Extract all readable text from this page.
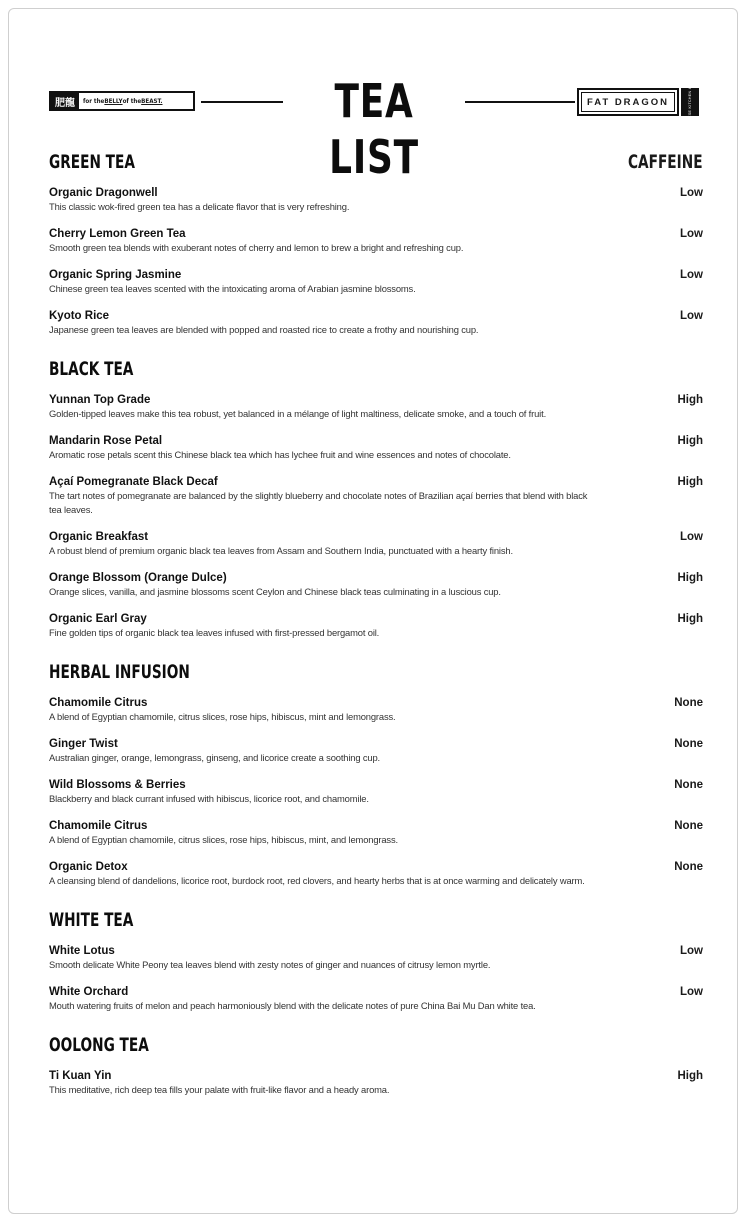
肥龍	for the BELLY of the BEAST.	TEA LIST
FAT DRAGON	CHINESE KITCHEN & BAR
GREEN TEA	CAFFEINE
Organic Dragonwell	Low
This classic wok-fired green tea has a delicate flavor that is very refreshing.
Cherry Lemon Green Tea	Low
Smooth green tea blends with exuberant notes of cherry and lemon to brew a bright and refreshing cup.
Organic Spring Jasmine	Low
Chinese green tea leaves scented with the intoxicating aroma of Arabian jasmine blossoms.
Kyoto Rice	Low
Japanese green tea leaves are blended with popped and roasted rice to create a frothy and nourishing cup.
BLACK TEA
Yunnan Top Grade	High
Golden-tipped leaves make this tea robust, yet balanced in a mélange of light maltiness, delicate smoke, and a touch of fruit.
Mandarin Rose Petal	High
Aromatic rose petals scent this Chinese black tea which has lychee fruit and wine essences and notes of chocolate.
Açaí Pomegranate Black Decaf	High
The tart notes of pomegranate are balanced by the slightly blueberry and chocolate notes of Brazilian açaí berries that blend with black tea leaves.
Organic Breakfast	Low
A robust blend of premium organic black tea leaves from Assam and Southern India, punctuated with a hearty finish.
Orange Blossom (Orange Dulce)	High
Orange slices, vanilla, and jasmine blossoms scent Ceylon and Chinese black teas culminating in a luscious cup.
Organic Earl Gray	High
Fine golden tips of organic black tea leaves infused with first-pressed bergamot oil.
HERBAL INFUSION
Chamomile Citrus	None
A blend of Egyptian chamomile, citrus slices, rose hips, hibiscus, mint and lemongrass.
Ginger Twist	None
Australian ginger, orange, lemongrass, ginseng, and licorice create a soothing cup.
Wild Blossoms & Berries	None
Blackberry and black currant infused with hibiscus, licorice root, and chamomile.
Chamomile Citrus	None
A blend of Egyptian chamomile, citrus slices, rose hips, hibiscus, mint, and lemongrass.
Organic Detox	None
A cleansing blend of dandelions, licorice root, burdock root, red clovers, and hearty herbs that is at once warming and delicately warm.
WHITE TEA
White Lotus	Low
Smooth delicate White Peony tea leaves blend with zesty notes of ginger and nuances of citrusy lemon myrtle.
White Orchard	Low
Mouth watering fruits of melon and peach harmoniously blend with the delicate notes of pure China Bai Mu Dan white tea.
OOLONG TEA
Ti Kuan Yin	High
This meditative, rich deep tea fills your palate with fruit-like flavor and a heady aroma.
